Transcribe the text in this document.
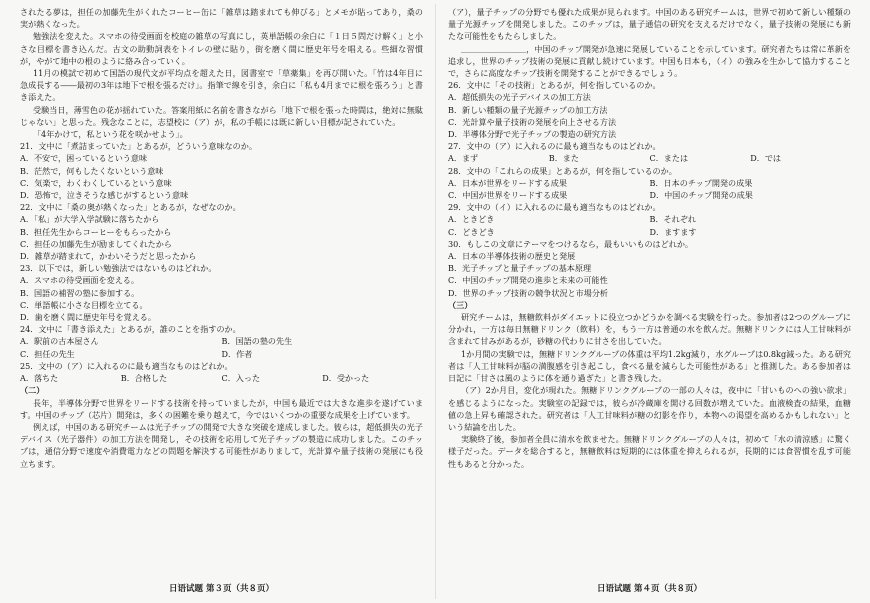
されたる夢は，担任の加藤先生がくれたコーヒー缶に「雑草は踏まれても伸びる」とメモが貼ってあり，桑の実が熱くなった。

勉強法を変えた。スマホの待受画面を校庭の雑草の写真にし，英単語帳の余白に「１日５問だけ解く」と小さな目標を書き込んだ。古文の助動詞表をトイレの壁に貼り，街を磨く間に歴史年号を唱える。些細な習慣が，やがて地中の根のように絡み合っていく。

11月の模試で初めて国語の現代文が平均点を超えた日，図書室で「草薬集」を再び開いた。「竹は4年目に急成長する――最初の3年は地下で根を張るだけ」。指筆で線を引き，余白に「私も4月までに根を張ろう」と書き添えた。

受験当日，薄雪色の花が揺れていた。答案用紙に名前を書きながら「地下で根を張った時間は，絶対に無駄じゃない」と思った。残念なことに，志望校に（ア）が，私の手帳には既に新しい目標が記されていた。

「4年かけて，私という花を咲かせよう」。

21．文中に「煮詰まっていた」とあるが，どういう意味なのか。

A．不安で，困っているという意味

B．茫然で，何もしたくないという意味

C．気楽で，わくわくしているという意味

D．恐怖で，泣きそうな感じがするという意味

22．文中に「桑の奥が熱くなった」とあるが，なぜなのか。

A．「私」が大学入学試験に落ちたから

B．担任先生からコーヒーをもらったから

C．担任の加藤先生が励ましてくれたから

D．雑草が踏まれて，かわいそうだと思ったから

23．以下では，新しい勉強法ではないものはどれか。

A．スマホの待受画面を変える。

B．国語の補習の塾に参加する。

C．単語帳に小さな目標を立てる。

D．歯を磨く間に歴史年号を覚える。

24．文中に「書き添えた」とあるが，誰のことを指すのか。

A．駅前の古本屋さん	B．国語の塾の先生
C．担任の先生	D．作者

25．文中の（ア）に入れるのに最も適当なものはどれか。

A．落ちた	B．合格した	C．入った	D．受かった

（二）

長年，半導体分野で世界をリードする技術を持っていましたが，中国も最近では大きな進歩を遂げています。中国のチップ（芯片）開発は，多くの困難を乗り越えて，今ではいくつかの重要な成果を上げています。

例えば，中国のある研究チームは光子チップの開発で大きな突破を達成しました。彼らは，超低損失の光子デバイス（光子器件）の加工方法を開発し，その技術を応用して光子チップの製造に成功しました。このチップは，通信分野で速度や消費電力などの問題を解決する可能性がありまして，光計算や量子技術の発展にも役立ちます。

（ア），量子チップの分野でも優れた成果が見られます。中国のある研究チームは，世界で初めて新しい種類の量子光源チップを開発しました。このチップは，量子通信の研究を支えるだけでなく，量子技術の発展にも新たな可能性をもたらしました。

＿＿＿＿＿＿＿＿，中国のチップ開発が急速に発展していることを示しています。研究者たちは常に革新を追求し，世界のチップ技術の発展に貢献し続けています。中国も日本も，（イ）の強みを生かして協力することで，さらに高度なチップ技術を開発することができるでしょう。

26．文中に「その技術」とあるが，何を指しているのか。

A．超低損失の光子デバイスの加工方法

B．新しい種類の量子光源チップの加工方法

C．光計算や量子技術の発展を向上させる方法

D．半導体分野で光子チップの製造の研究方法

27．文中の（ア）に入れるのに最も適当なものはどれか。

A．まず	B．また	C．または	D．では

28．文中の「これらの成果」とあるが，何を指しているのか。

A．日本が世界をリードする成果	B．日本のチップ開発の成果
C．中国が世界をリードする成果	D．中国のチップ開発の成果

29．文中の（イ）に入れるのに最も適当なものはどれか。

A．ときどき	B．それぞれ
C．どきどき	D．ますます

30．もしこの文章にテーマをつけるなら，最もいいものはどれか。

A．日本の半導体技術の歴史と発展

B．光子チップと量子チップの基本原理

C．中国のチップ開発の進歩と未来の可能性

D．世界のチップ技術の競争状況と市場分析

（三）

研究チームは，無糖飲料がダイエットに役立つかどうかを調べる実験を行った。参加者は2つのグループに分かれ，一方は毎日無糖ドリンク（飲料）を，もう一方は普通の水を飲んだ。無糖ドリンクには人工甘味料が含まれて甘みがあるが，砂糖の代わりに甘さを出していた。

1か月間の実験では，無糖ドリンクグループの体重は平均1.2kg減り，水グループは0.8kg減った。ある研究者は「人工甘味料が脳の満腹感を引き起こし，食べる量を減らした可能性がある」と推測した。ある参加者は日記に「甘さは風のように体を通り過ぎた」と書き残した。

（ア）2か月目，変化が現れた。無糖ドリンクグループの一部の人々は，夜中に「甘いものへの強い欲求」を感じるようになった。実験室の記録では，彼らが冷蔵庫を開ける回数が増えていた。血液検査の結果，血糖値の急上昇も確認された。研究者は「人工甘味料が糖の幻影を作り，本物への渇望を高めるかもしれない」という結論を出した。

実験終了後，参加者全員に清水を飲ませた。無糖ドリンクグループの人々は，初めて「水の清涼感」に驚く様子だった。データを総合すると，無糖飲料は短期的には体重を抑えられるが，長期的には食習慣を乱す可能性もあると分かった。

日语试题 第３页（共８页）	日语试题 第４页（共８页）
